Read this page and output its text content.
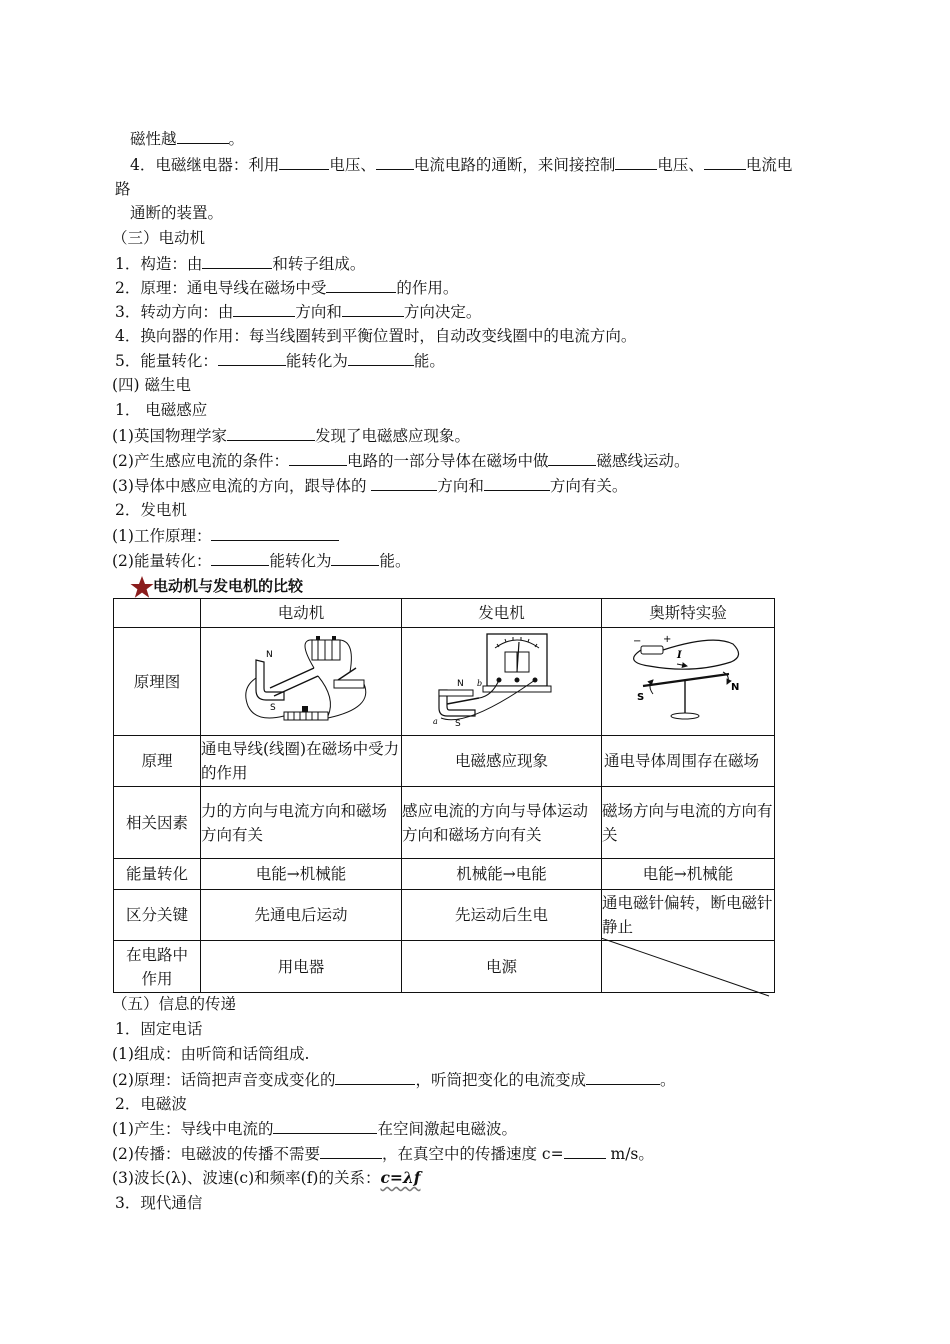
磁性越	。
4．电磁继电器：利用	电压、 电流电路的通断，来间接控制	电压、	电流电
路
通断的装置。
（三）电动机
1．构造：由	和转子组成。
2．原理：通电导线在磁场中受	的作用。
3．转动方向：由	方向和	方向决定。
4．换向器的作用：每当线圈转到平衡位置时，自动改变线圈中的电流方向。
5．能量转化：	能转化为	能。
(四) 磁生电
1． 电磁感应
(1)英国物理学家	发现了电磁感应现象。
(2)产生感应电流的条件：	电路的一部分导体在磁场中做	磁感线运动。
(3)导体中感应电流的方向，跟导体的	方向和	方向有关。
2．发电机
(1)工作原理：
(2)能量转化：	能转化为	能。
电动机与发电机的比较
	电动机	发电机	奥斯特实验
原理图	N
S	N b
a S	− +
I
S
N

原理	通电导线(线圈)在磁场中受力的作用	电磁感应现象	通电导体周围存在磁场
相关因素	力的方向与电流方向和磁场方向有关	感应电流的方向与导体运动方向和磁场方向有关	磁场方向与电流的方向有关
能量转化	电能→机械能	机械能→电能	电能→机械能
区分关键	先通电后运动	先运动后生电	通电磁针偏转，断电磁针静止
在电路中作用	用电器	电源	
（五）信息的传递
1．固定电话
(1)组成：由听筒和话筒组成.
(2)原理：话筒把声音变成变化的	，听筒把变化的电流变成	。
2．电磁波
(1)产生：导线中电流的	在空间激起电磁波。
(2)传播：电磁波的传播不需要	，在真空中的传播速度 c=	m/s。
(3)波长(λ)、波速(c)和频率(f)的关系：c=λf
3．现代通信
